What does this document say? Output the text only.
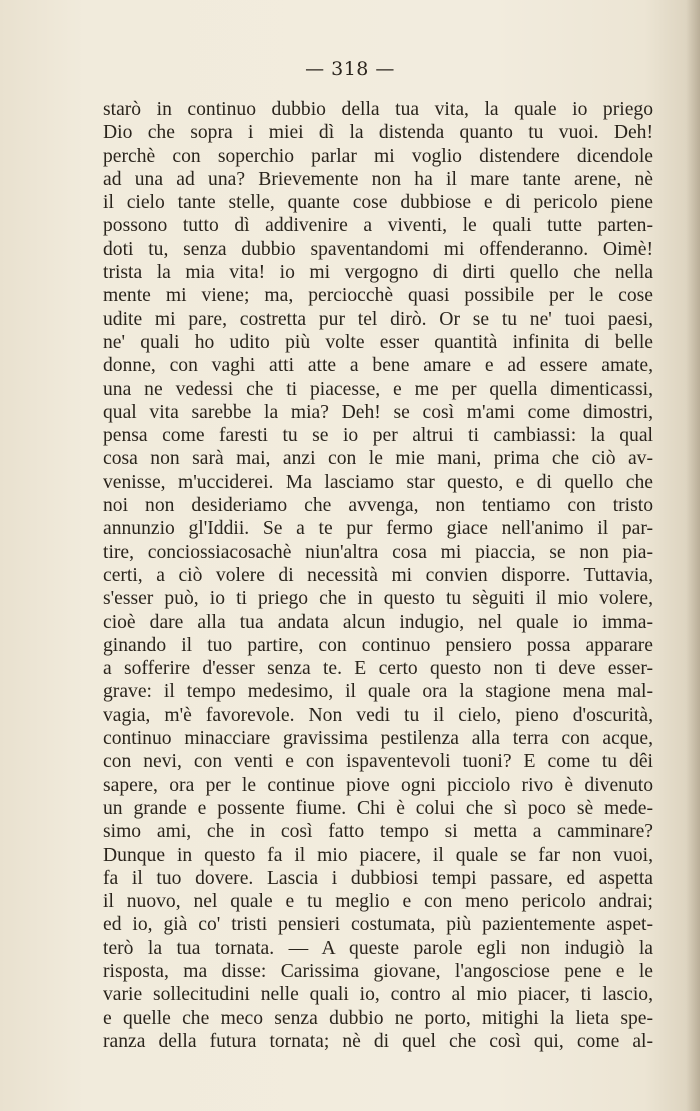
— 318 —
starò in continuo dubbio della tua vita, la quale io priego
Dio che sopra i miei dì la distenda quanto tu vuoi. Deh!
perchè con soperchio parlar mi voglio distendere dicendole
ad una ad una? Brievemente non ha il mare tante arene, nè
il cielo tante stelle, quante cose dubbiose e di pericolo piene
possono tutto dì addivenire a viventi, le quali tutte parten-
doti tu, senza dubbio spaventandomi mi offenderanno. Oimè!
trista la mia vita! io mi vergogno di dirti quello che nella
mente mi viene; ma, perciocchè quasi possibile per le cose
udite mi pare, costretta pur tel dirò. Or se tu ne' tuoi paesi,
ne' quali ho udito più volte esser quantità infinita di belle
donne, con vaghi atti atte a bene amare e ad essere amate,
una ne vedessi che ti piacesse, e me per quella dimenticassi,
qual vita sarebbe la mia? Deh! se così m'ami come dimostri,
pensa come faresti tu se io per altrui ti cambiassi: la qual
cosa non sarà mai, anzi con le mie mani, prima che ciò av-
venisse, m'ucciderei. Ma lasciamo star questo, e di quello che
noi non desideriamo che avvenga, non tentiamo con tristo
annunzio gl'Iddii. Se a te pur fermo giace nell'animo il par-
tire, conciossiacosachè niun'altra cosa mi piaccia, se non pia-
certi, a ciò volere di necessità mi convien disporre. Tuttavia,
s'esser può, io ti priego che in questo tu sèguiti il mio volere,
cioè dare alla tua andata alcun indugio, nel quale io imma-
ginando il tuo partire, con continuo pensiero possa apparare
a sofferire d'esser senza te. E certo questo non ti deve esser-
grave: il tempo medesimo, il quale ora la stagione mena mal-
vagia, m'è favorevole. Non vedi tu il cielo, pieno d'oscurità,
continuo minacciare gravissima pestilenza alla terra con acque,
con nevi, con venti e con ispaventevoli tuoni? E come tu dêi
sapere, ora per le continue piove ogni picciolo rivo è divenuto
un grande e possente fiume. Chi è colui che sì poco sè mede-
simo ami, che in così fatto tempo si metta a camminare?
Dunque in questo fa il mio piacere, il quale se far non vuoi,
fa il tuo dovere. Lascia i dubbiosi tempi passare, ed aspetta
il nuovo, nel quale e tu meglio e con meno pericolo andrai;
ed io, già co' tristi pensieri costumata, più pazientemente aspet-
terò la tua tornata. — A queste parole egli non indugiò la
risposta, ma disse: Carissima giovane, l'angosciose pene e le
varie sollecitudini nelle quali io, contro al mio piacer, ti lascio,
e quelle che meco senza dubbio ne porto, mitighi la lieta spe-
ranza della futura tornata; nè di quel che così qui, come al-
